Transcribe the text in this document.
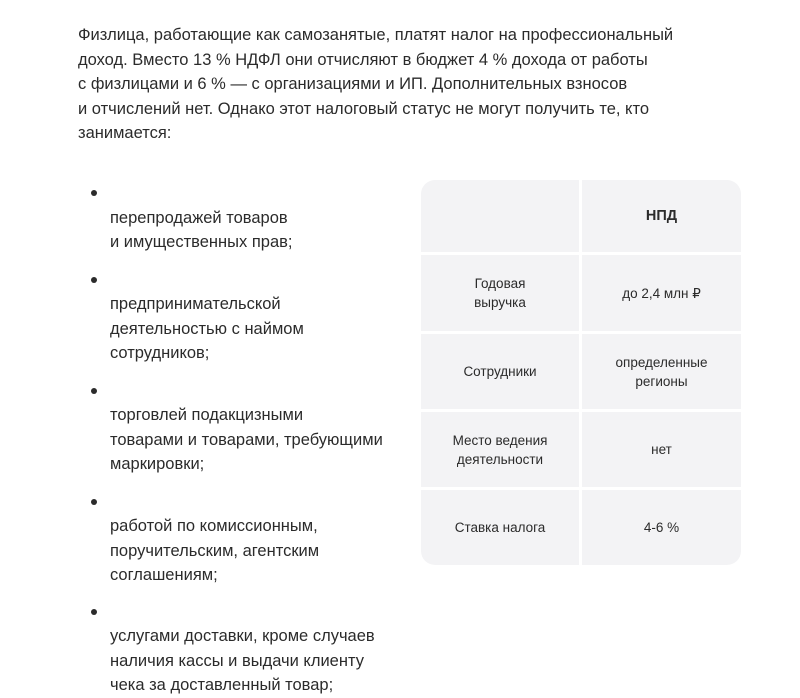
Физлица, работающие как самозанятые, платят налог на профессиональный
доход. Вместо 13 % НДФЛ они отчисляют в бюджет 4 % дохода от работы
с физлицами и 6 % — с организациями и ИП. Дополнительных взносов
и отчислений нет. Однако этот налоговый статус не могут получить те, кто
занимается:

перепродажей товаров
и имущественных прав;

предпринимательской
деятельностью с наймом
сотрудников;

торговлей подакцизными
товарами и товарами, требующими
маркировки;

работой по комиссионным,
поручительским, агентским
соглашениям;

услугами доставки, кроме случаев
наличия кассы и выдачи клиенту
чека за доставленный товар;

НПД
Годовая
выручка
до 2,4 млн ₽
Сотрудники
определенные
регионы
Место ведения
деятельности
нет
Ставка налога	4-6 %
